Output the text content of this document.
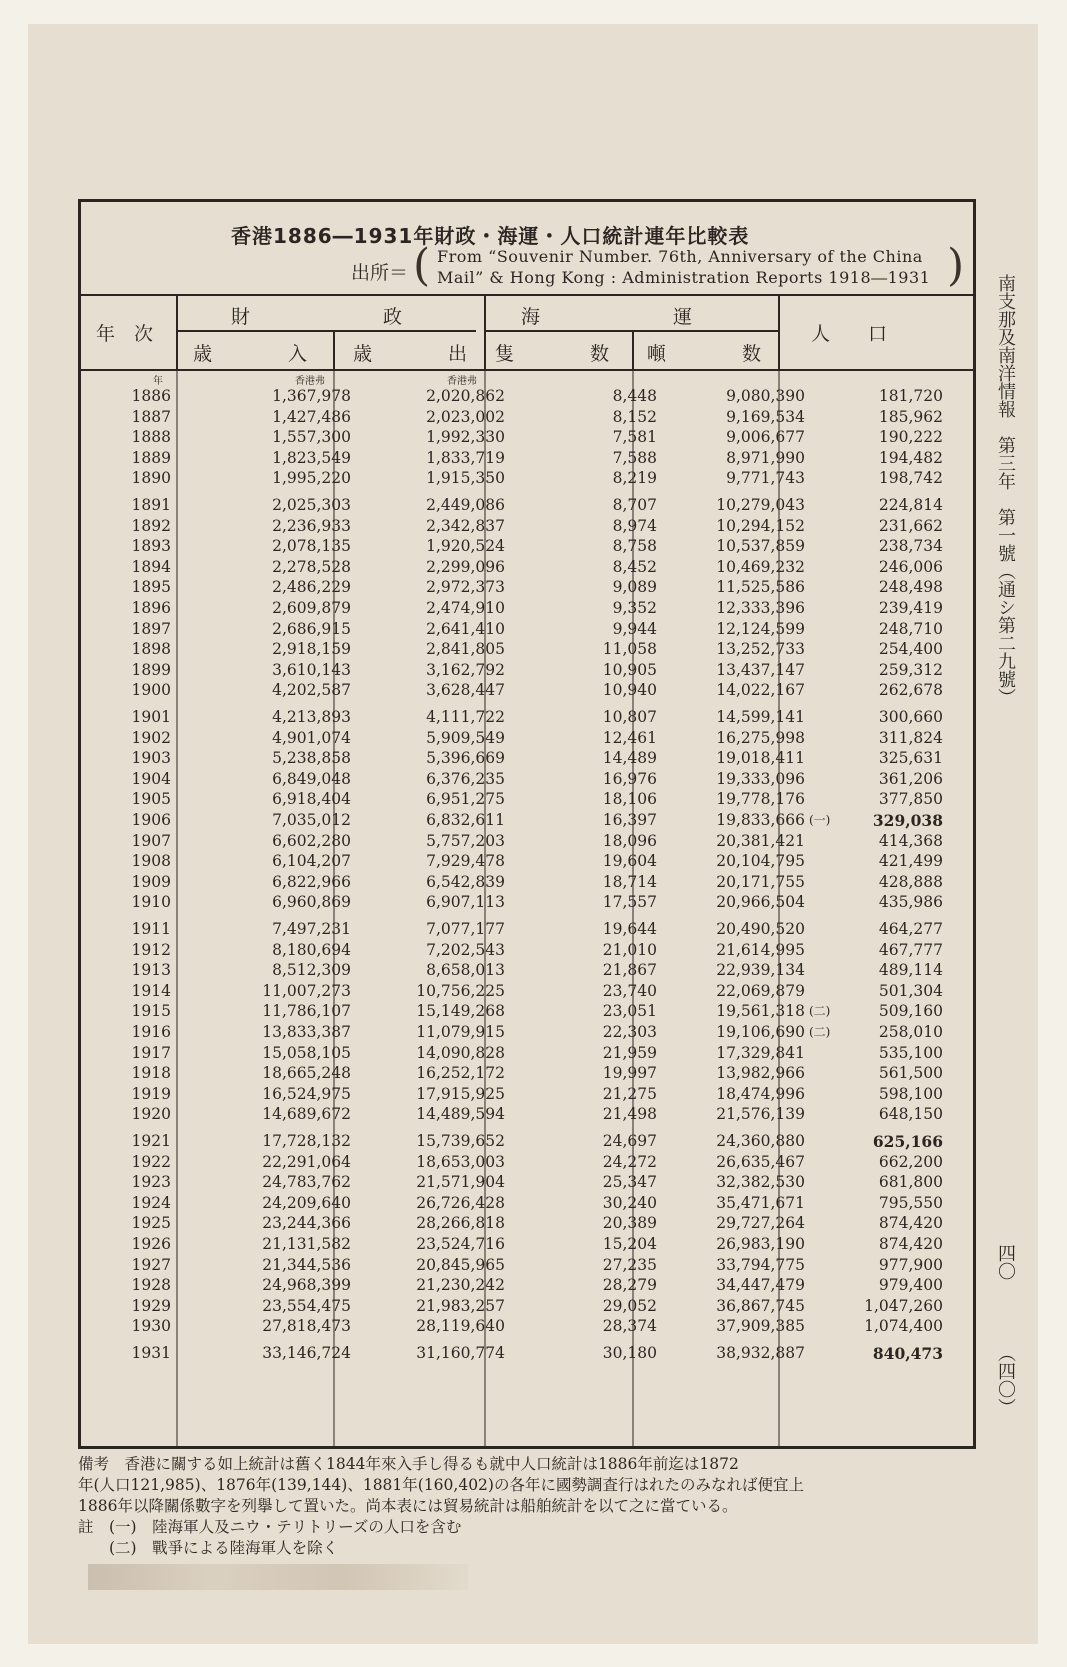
香港1886―1931年財政・海運・人口統計連年比較表
出所＝ ( From “Souvenir Number. 76th, Anniversary of the China
Mail” & Hong Kong : Administration Reports 1918―1931 )
年　次
財　　　　　　　政
歳　　　　入 歳　　　　出
海　　　　　　　運
隻　　　　数 噸　　　　数
人　　口
年	香港弗	香港弗
1886	1,367,978	2,020,862	8,448	9,080,390	181,720
1887	1,427,486	2,023,002	8,152	9,169,534	185,962
1888	1,557,300	1,992,330	7,581	9,006,677	190,222
1889	1,823,549	1,833,719	7,588	8,971,990	194,482
1890	1,995,220	1,915,350	8,219	9,771,743	198,742
1891	2,025,303	2,449,086	8,707	10,279,043	224,814
1892	2,236,933	2,342,837	8,974	10,294,152	231,662
1893	2,078,135	1,920,524	8,758	10,537,859	238,734
1894	2,278,528	2,299,096	8,452	10,469,232	246,006
1895	2,486,229	2,972,373	9,089	11,525,586	248,498
1896	2,609,879	2,474,910	9,352	12,333,396	239,419
1897	2,686,915	2,641,410	9,944	12,124,599	248,710
1898	2,918,159	2,841,805	11,058	13,252,733	254,400
1899	3,610,143	3,162,792	10,905	13,437,147	259,312
1900	4,202,587	3,628,447	10,940	14,022,167	262,678
1901	4,213,893	4,111,722	10,807	14,599,141	300,660
1902	4,901,074	5,909,549	12,461	16,275,998	311,824
1903	5,238,858	5,396,669	14,489	19,018,411	325,631
1904	6,849,048	6,376,235	16,976	19,333,096	361,206
1905	6,918,404	6,951,275	18,106	19,778,176	377,850
1906	7,035,012	6,832,611	16,397	19,833,666 (一)	329,038
1907	6,602,280	5,757,203	18,096	20,381,421	414,368
1908	6,104,207	7,929,478	19,604	20,104,795	421,499
1909	6,822,966	6,542,839	18,714	20,171,755	428,888
1910	6,960,869	6,907,113	17,557	20,966,504	435,986
1911	7,497,231	7,077,177	19,644	20,490,520	464,277
1912	8,180,694	7,202,543	21,010	21,614,995	467,777
1913	8,512,309	8,658,013	21,867	22,939,134	489,114
1914	11,007,273	10,756,225	23,740	22,069,879	501,304
1915	11,786,107	15,149,268	23,051	19,561,318 (二)	509,160
1916	13,833,387	11,079,915	22,303	19,106,690 (二)	258,010
1917	15,058,105	14,090,828	21,959	17,329,841	535,100
1918	18,665,248	16,252,172	19,997	13,982,966	561,500
1919	16,524,975	17,915,925	21,275	18,474,996	598,100
1920	14,689,672	14,489,594	21,498	21,576,139	648,150
1921	17,728,132	15,739,652	24,697	24,360,880	625,166
1922	22,291,064	18,653,003	24,272	26,635,467	662,200
1923	24,783,762	21,571,904	25,347	32,382,530	681,800
1924	24,209,640	26,726,428	30,240	35,471,671	795,550
1925	23,244,366	28,266,818	20,389	29,727,264	874,420
1926	21,131,582	23,524,716	15,204	26,983,190	874,420
1927	21,344,536	20,845,965	27,235	33,794,775	977,900
1928	24,968,399	21,230,242	28,279	34,447,479	979,400
1929	23,554,475	21,983,257	29,052	36,867,745	1,047,260
1930	27,818,473	28,119,640	28,374	37,909,385	1,074,400
1931	33,146,724	31,160,774	30,180	38,932,887	840,473
備考　香港に關する如上統計は舊く1844年來入手し得るも就中人口統計は1886年前迄は1872
年(人口121,985)、1876年(139,144)、1881年(160,402)の各年に國勢調査行はれたのみなれば便宜上
1886年以降關係數字を列擧して置いた。尚本表には貿易統計は船舶統計を以て之に當ている。
註　(一)　陸海軍人及ニウ・テリトリーズの人口を含む
　　(二)　戰爭による陸海軍人を除く
南支那及南洋情報　第三年　第一號（通シ第二九號）
四〇
（四〇）
